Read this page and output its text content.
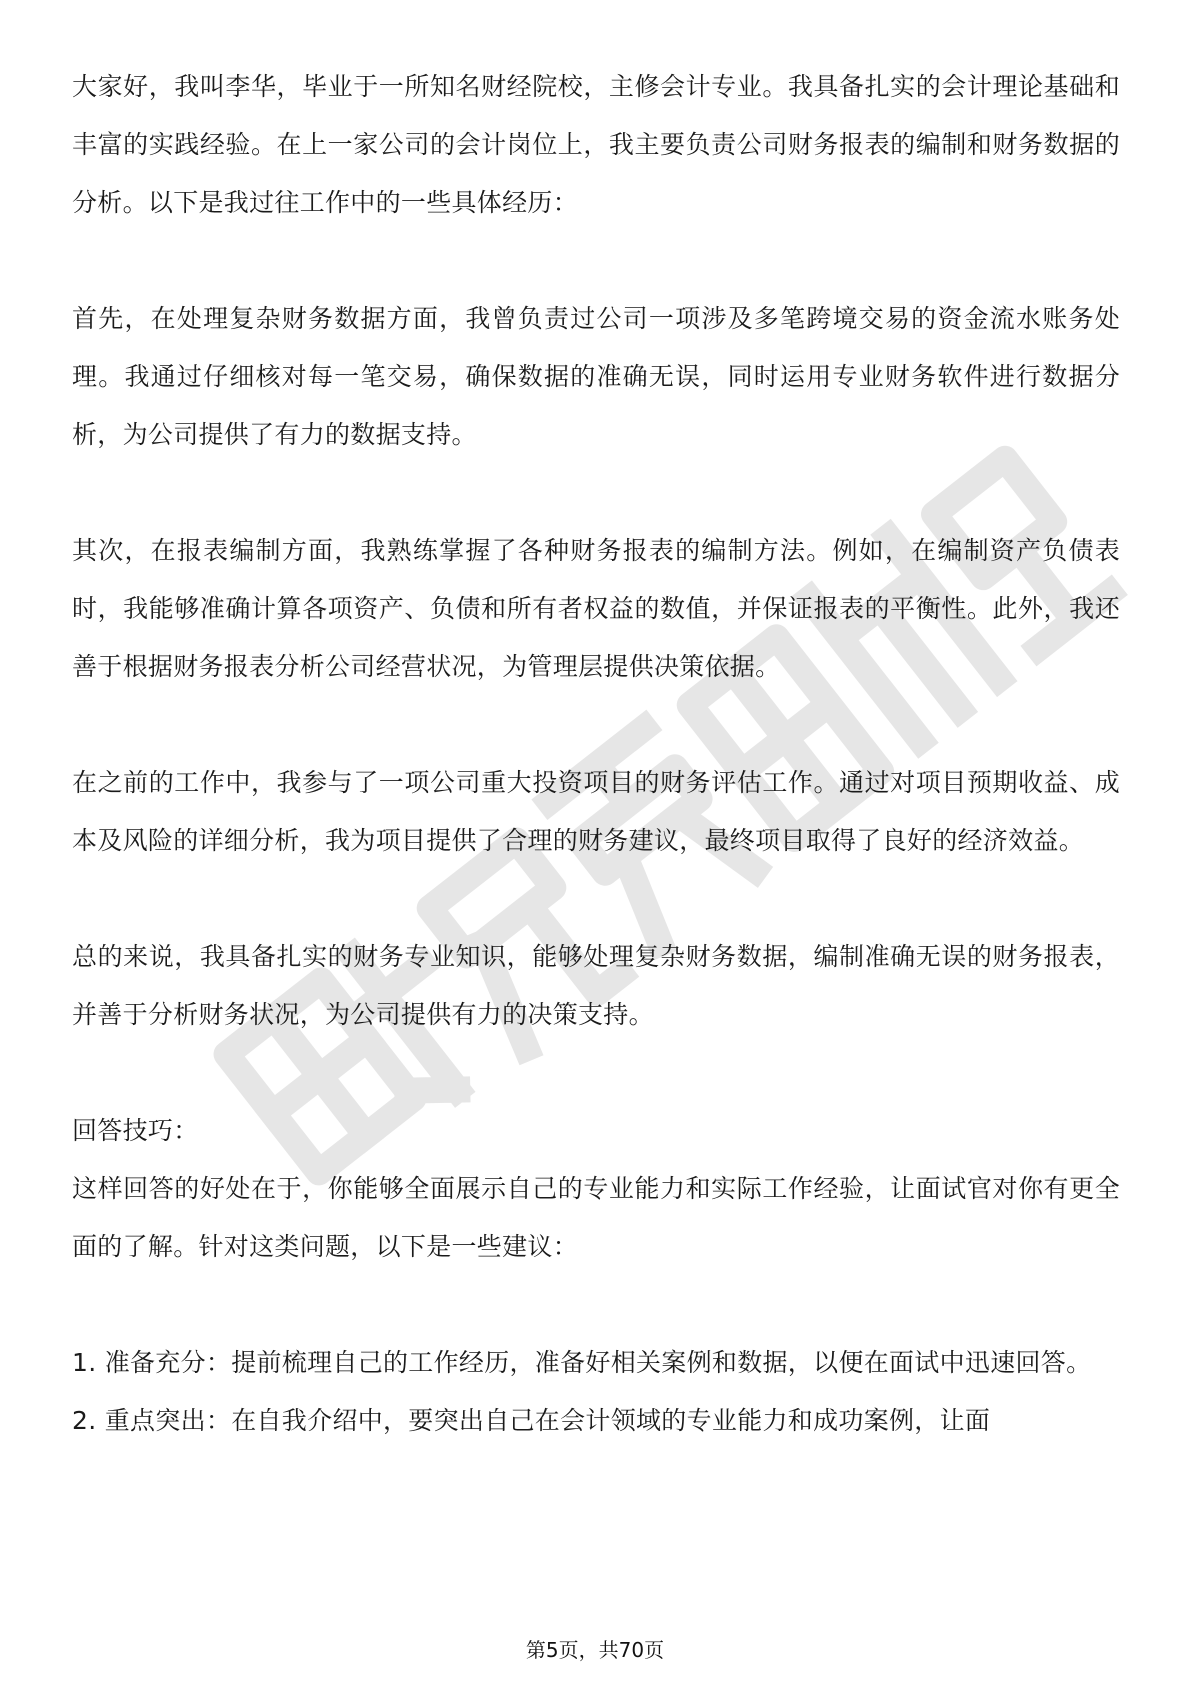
大家好，我叫李华，毕业于一所知名财经院校，主修会计专业。我具备扎实的会计理论基础和丰富的实践经验。在上一家公司的会计岗位上，我主要负责公司财务报表的编制和财务数据的分析。以下是我过往工作中的一些具体经历：

首先，在处理复杂财务数据方面，我曾负责过公司一项涉及多笔跨境交易的资金流水账务处理。我通过仔细核对每一笔交易，确保数据的准确无误，同时运用专业财务软件进行数据分析，为公司提供了有力的数据支持。

其次，在报表编制方面，我熟练掌握了各种财务报表的编制方法。例如，在编制资产负债表时，我能够准确计算各项资产、负债和所有者权益的数值，并保证报表的平衡性。此外，我还善于根据财务报表分析公司经营状况，为管理层提供决策依据。

在之前的工作中，我参与了一项公司重大投资项目的财务评估工作。通过对项目预期收益、成本及风险的详细分析，我为项目提供了合理的财务建议，最终项目取得了良好的经济效益。

总的来说，我具备扎实的财务专业知识，能够处理复杂财务数据，编制准确无误的财务报表，并善于分析财务状况，为公司提供有力的决策支持。

回答技巧：

这样回答的好处在于，你能够全面展示自己的专业能力和实际工作经验，让面试官对你有更全面的了解。针对这类问题，以下是一些建议：

1. 准备充分：提前梳理自己的工作经历，准备好相关案例和数据，以便在面试中迅速回答。

2. 重点突出：在自我介绍中，要突出自己在会计领域的专业能力和成功案例，让面

第5页，共70页
